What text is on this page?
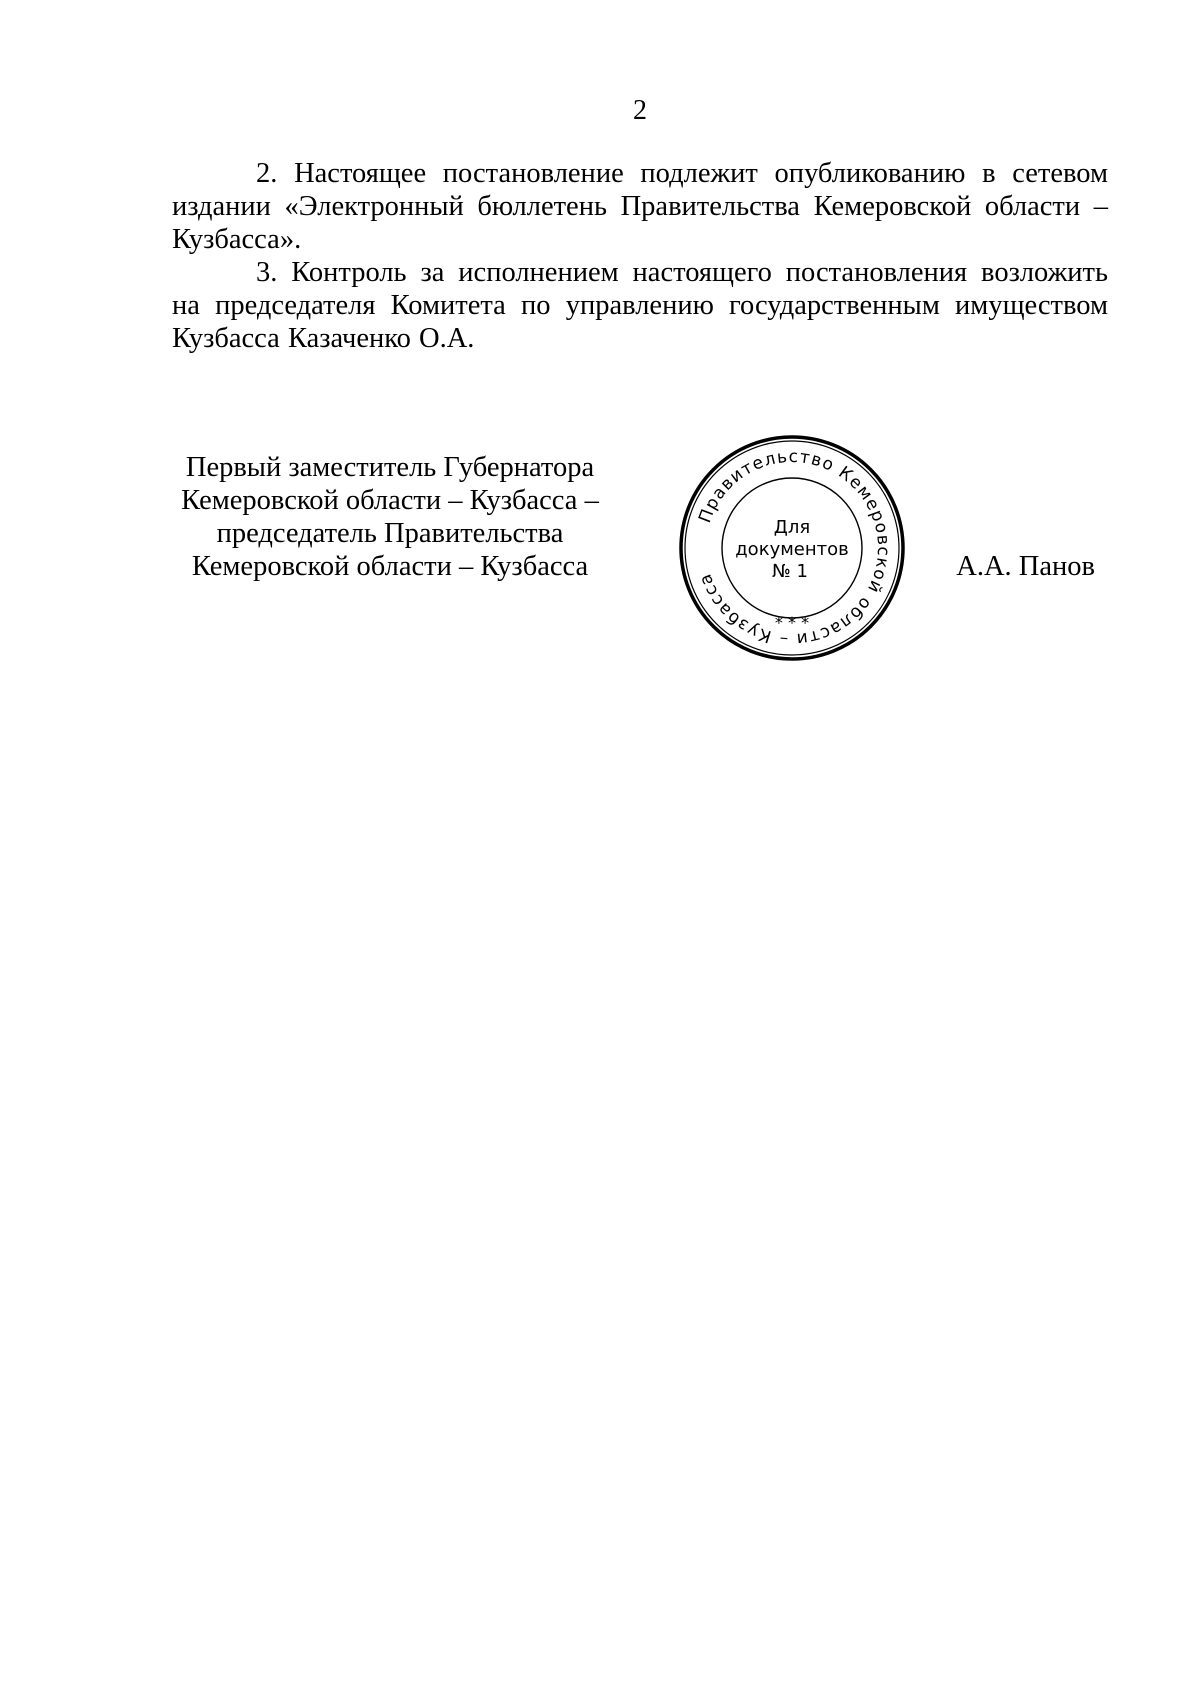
2

2. Настоящее постановление подлежит опубликованию в сетевом издании «Электронный бюллетень Правительства Кемеровской области – Кузбасса».

3. Контроль за исполнением настоящего постановления возложить на председателя Комитета по управлению государственным имуществом Кузбасса Казаченко О.А.

Первый заместитель Губернатора
Кемеровской области – Кузбасса –
председатель Правительства
Кемеровской области – Кузбасса
Правительство Кемеровской области – Кузбасса
* * *
Для
документов
№ 1	А.А. Панов
